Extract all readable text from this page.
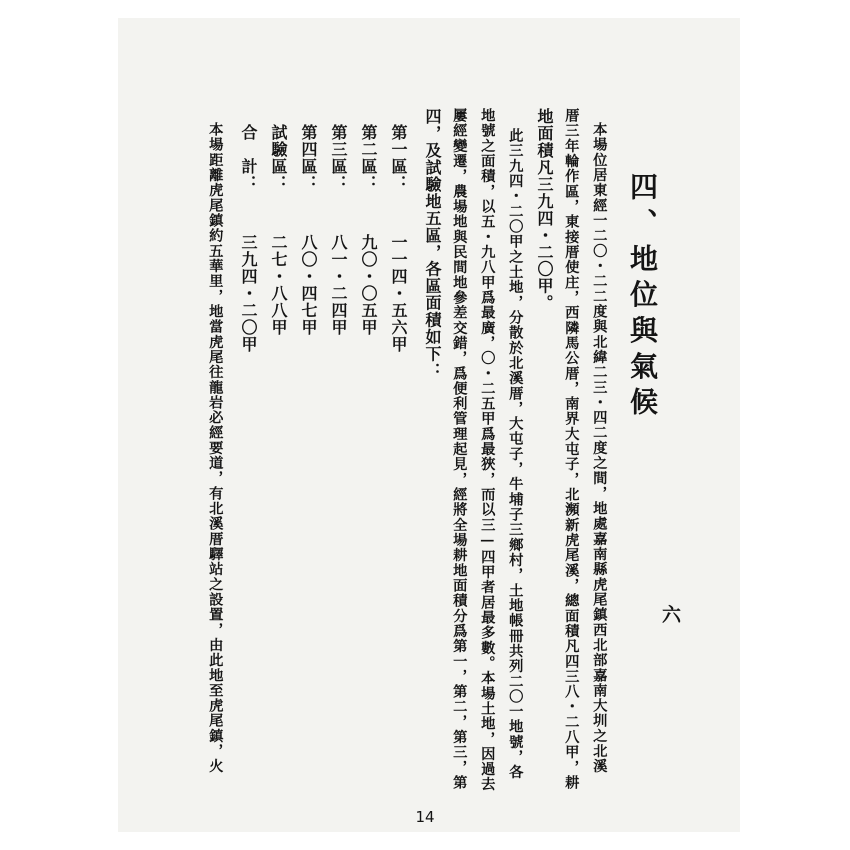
四、地位與氣候
本場位居東經一二〇・二二度與北緯二三・四二度之間，地處嘉南縣虎尾鎮西北部嘉南大圳之北溪
厝三年輪作區，東接厝使庄，西隣馬公厝，南界大屯子，北瀕新虎尾溪，總面積凡四三八・二八甲，耕
地面積凡三九四・二〇甲。
此三九四・二〇甲之土地，分散於北溪厝，大屯子，牛埔子三鄉村，土地帳冊共列二〇一地號，各
地號之面積，以五・九八甲爲最廣，〇・二五甲爲最狹，而以三—四甲者居最多數。本場土地，因過去
屢經變遷，農場地與民間地參差交錯，爲便利管理起見，經將全場耕地面積分爲第一，第二，第三，第
四，及試驗地五區，各區面積如下：
第一區：
第二區：
第三區：
第四區：
試驗區：
合　計：
一一四・五六甲
九〇・〇五甲
八一・二四甲
八〇・四七甲
二七・八八甲
三九四・二〇甲
本場距離虎尾鎮約五華里，地當虎尾往龍岩必經要道，有北溪厝驛站之設置，由此地至虎尾鎮，火	六
14
